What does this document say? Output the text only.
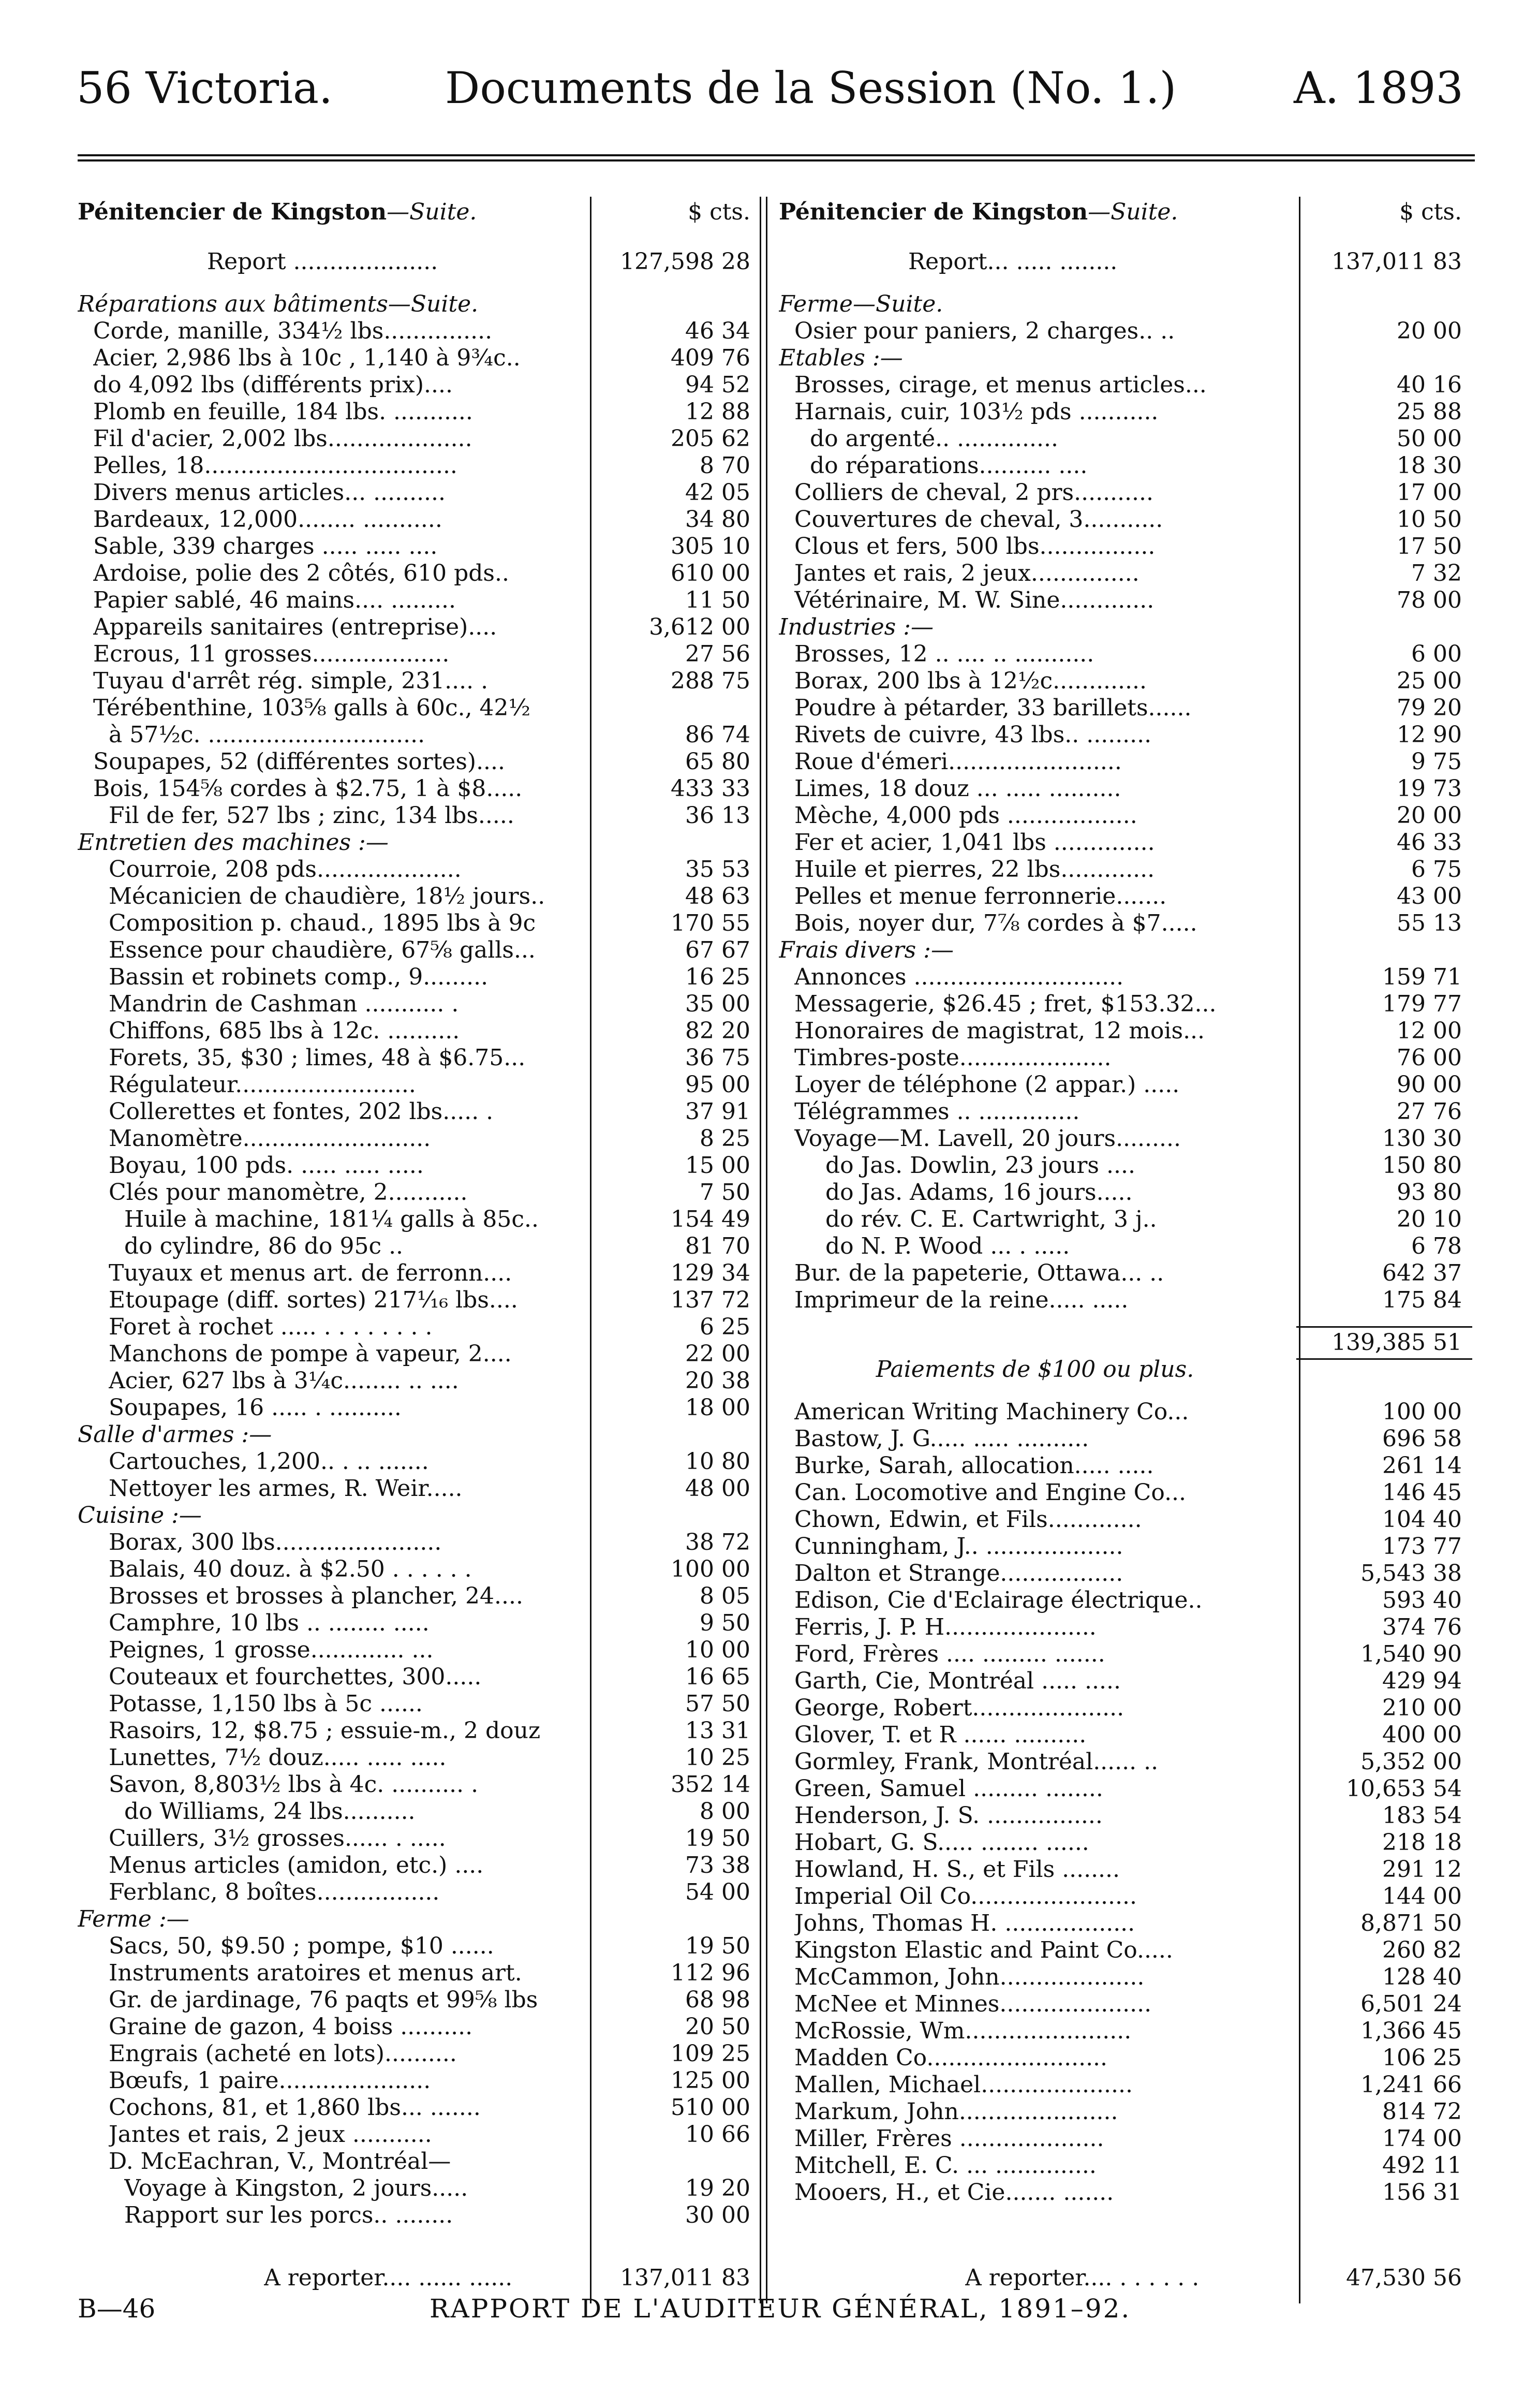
56 Victoria.	Documents de la Session (No. 1.)	A. 1893
Pénitencier de Kingston—Suite.	$ cts.
Report ....................	127,598 28
Réparations aux bâtiments—Suite.
Corde, manille, 334½ lbs...............	46 34
Acier, 2,986 lbs à 10c , 1,140 à 9¾c..	409 76
do 4,092 lbs (différents prix)....	94 52
Plomb en feuille, 184 lbs. ...........	12 88
Fil d'acier, 2,002 lbs....................	205 62
Pelles, 18...................................	8 70
Divers menus articles... ..........	42 05
Bardeaux, 12,000........ ...........	34 80
Sable, 339 charges ..... ..... ....	305 10
Ardoise, polie des 2 côtés, 610 pds..	610 00
Papier sablé, 46 mains.... .........	11 50
Appareils sanitaires (entreprise)....	3,612 00
Ecrous, 11 grosses...................	27 56
Tuyau d'arrêt rég. simple, 231.... .	288 75
Térébenthine, 103⅝ galls à 60c., 42½
à 57½c. ..............................	86 74
Soupapes, 52 (différentes sortes)....	65 80
Bois, 154⅝ cordes à $2.75, 1 à $8.....	433 33
Fil de fer, 527 lbs ; zinc, 134 lbs.....	36 13
Entretien des machines :—
Courroie, 208 pds....................	35 53
Mécanicien de chaudière, 18½ jours..	48 63
Composition p. chaud., 1895 lbs à 9c	170 55
Essence pour chaudière, 67⅝ galls...	67 67
Bassin et robinets comp., 9.........	16 25
Mandrin de Cashman ........... .	35 00
Chiffons, 685 lbs à 12c. ..........	82 20
Forets, 35, $30 ; limes, 48 à $6.75...	36 75
Régulateur.........................	95 00
Collerettes et fontes, 202 lbs..... .	37 91
Manomètre..........................	8 25
Boyau, 100 pds. ..... ..... .....	15 00
Clés pour manomètre, 2...........	7 50
Huile à machine, 181¼ galls à 85c..	154 49
do cylindre, 86 do 95c ..	81 70
Tuyaux et menus art. de ferronn....	129 34
Etoupage (diff. sortes) 217⅟₁₆ lbs....	137 72
Foret à rochet ..... . . . . . . . .	6 25
Manchons de pompe à vapeur, 2....	22 00
Acier, 627 lbs à 3¼c........ .. ....	20 38
Soupapes, 16 ..... . ..........	18 00
Salle d'armes :—
Cartouches, 1,200.. . .. .......	10 80
Nettoyer les armes, R. Weir.....	48 00
Cuisine :—
Borax, 300 lbs.......................	38 72
Balais, 40 douz. à $2.50 . . . . . .	100 00
Brosses et brosses à plancher, 24....	8 05
Camphre, 10 lbs .. ........ .....	9 50
Peignes, 1 grosse............. ...	10 00
Couteaux et fourchettes, 300.....	16 65
Potasse, 1,150 lbs à 5c ......	57 50
Rasoirs, 12, $8.75 ; essuie-m., 2 douz	13 31
Lunettes, 7½ douz..... ..... .....	10 25
Savon, 8,803½ lbs à 4c. .......... .	352 14
do Williams, 24 lbs..........	8 00
Cuillers, 3½ grosses...... . .....	19 50
Menus articles (amidon, etc.) ....	73 38
Ferblanc, 8 boîtes.................	54 00
Ferme :—
Sacs, 50, $9.50 ; pompe, $10 ......	19 50
Instruments aratoires et menus art.	112 96
Gr. de jardinage, 76 paqts et 99⅝ lbs	68 98
Graine de gazon, 4 boiss ..........	20 50
Engrais (acheté en lots)..........	109 25
Bœufs, 1 paire.....................	125 00
Cochons, 81, et 1,860 lbs... .......	510 00
Jantes et rais, 2 jeux ...........	10 66
D. McEachran, V., Montréal—
Voyage à Kingston, 2 jours.....	19 20
Rapport sur les porcs.. ........	30 00
Pénitencier de Kingston—Suite.	$ cts.
Report... ..... ........	137,011 83
Ferme—Suite.
Osier pour paniers, 2 charges.. ..	20 00
Etables :—
Brosses, cirage, et menus articles...	40 16
Harnais, cuir, 103½ pds ...........	25 88
do argenté.. ..............	50 00
do réparations.......... ....	18 30
Colliers de cheval, 2 prs...........	17 00
Couvertures de cheval, 3...........	10 50
Clous et fers, 500 lbs................	17 50
Jantes et rais, 2 jeux...............	7 32
Vétérinaire, M. W. Sine.............	78 00
Industries :—
Brosses, 12 .. .... .. ...........	6 00
Borax, 200 lbs à 12½c.............	25 00
Poudre à pétarder, 33 barillets......	79 20
Rivets de cuivre, 43 lbs.. .........	12 90
Roue d'émeri........................	9 75
Limes, 18 douz ... ..... ..........	19 73
Mèche, 4,000 pds ..................	20 00
Fer et acier, 1,041 lbs ..............	46 33
Huile et pierres, 22 lbs.............	6 75
Pelles et menue ferronnerie.......	43 00
Bois, noyer dur, 7⅞ cordes à $7.....	55 13
Frais divers :—
Annonces .............................	159 71
Messagerie, $26.45 ; fret, $153.32...	179 77
Honoraires de magistrat, 12 mois...	12 00
Timbres-poste.....................	76 00
Loyer de téléphone (2 appar.) .....	90 00
Télégrammes .. ..............	27 76
Voyage—M. Lavell, 20 jours.........	130 30
do Jas. Dowlin, 23 jours ....	150 80
do Jas. Adams, 16 jours.....	93 80
do rév. C. E. Cartwright, 3 j..	20 10
do N. P. Wood ... . .....	6 78
Bur. de la papeterie, Ottawa... ..	642 37
Imprimeur de la reine..... .....	175 84
139,385 51
Paiements de $100 ou plus.
American Writing Machinery Co...	100 00
Bastow, J. G..... ..... ..........	696 58
Burke, Sarah, allocation..... .....	261 14
Can. Locomotive and Engine Co...	146 45
Chown, Edwin, et Fils.............	104 40
Cunningham, J.. ...................	173 77
Dalton et Strange.................	5,543 38
Edison, Cie d'Eclairage électrique..	593 40
Ferris, J. P. H.....................	374 76
Ford, Frères .... ......... .......	1,540 90
Garth, Cie, Montréal ..... .....	429 94
George, Robert.....................	210 00
Glover, T. et R ...... ..........	400 00
Gormley, Frank, Montréal...... ..	5,352 00
Green, Samuel ......... ........	10,653 54
Henderson, J. S. ................	183 54
Hobart, G. S..... ........ ......	218 18
Howland, H. S., et Fils ........	291 12
Imperial Oil Co.......................	144 00
Johns, Thomas H. ..................	8,871 50
Kingston Elastic and Paint Co.....	260 82
McCammon, John....................	128 40
McNee et Minnes.....................	6,501 24
McRossie, Wm.......................	1,366 45
Madden Co.........................	106 25
Mallen, Michael.....................	1,241 66
Markum, John......................	814 72
Miller, Frères ....................	174 00
Mitchell, E. C. ... ..............	492 11
Mooers, H., et Cie....... .......	156 31
A reporter.... ...... ......	137,011 83	A reporter.... . . . . . .	47,530 56
B—46	RAPPORT DE L'AUDITEUR GÉNÉRAL, 1891–92.
